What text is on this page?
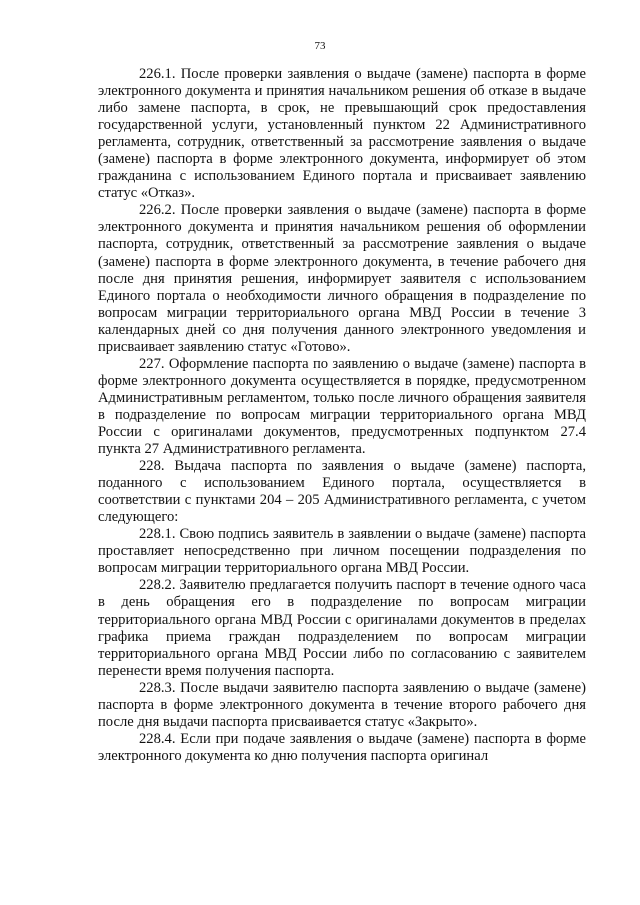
73

226.1. После проверки заявления о выдаче (замене) паспорта в форме электронного документа и принятия начальником решения об отказе в выдаче либо замене паспорта, в срок, не превышающий срок предоставления государственной услуги, установленный пунктом 22 Административного регламента, сотрудник, ответственный за рассмотрение заявления о выдаче (замене) паспорта в форме электронного документа, информирует об этом гражданина с использованием Единого портала и присваивает заявлению статус «Отказ».

226.2. После проверки заявления о выдаче (замене) паспорта в форме электронного документа и принятия начальником решения об оформлении паспорта, сотрудник, ответственный за рассмотрение заявления о выдаче (замене) паспорта в форме электронного документа, в течение рабочего дня после дня принятия решения, информирует заявителя с использованием Единого портала о необходимости личного обращения в подразделение по вопросам миграции территориального органа МВД России в течение 3 календарных дней со дня получения данного электронного уведомления и присваивает заявлению статус «Готово».

227. Оформление паспорта по заявлению о выдаче (замене) паспорта в форме электронного документа осуществляется в порядке, предусмотренном Административным регламентом, только после личного обращения заявителя в подразделение по вопросам миграции территориального органа МВД России с оригиналами документов, предусмотренных подпунктом 27.4 пункта 27 Административного регламента.

228. Выдача паспорта по заявления о выдаче (замене) паспорта, поданного с использованием Единого портала, осуществляется в соответствии с пунктами 204 – 205 Административного регламента, с учетом следующего:

228.1. Свою подпись заявитель в заявлении о выдаче (замене) паспорта проставляет непосредственно при личном посещении подразделения по вопросам миграции территориального органа МВД России.

228.2. Заявителю предлагается получить паспорт в течение одного часа в день обращения его в подразделение по вопросам миграции территориального органа МВД России с оригиналами документов в пределах графика приема граждан подразделением по вопросам миграции территориального органа МВД России либо по согласованию с заявителем перенести время получения паспорта.

228.3. После выдачи заявителю паспорта заявлению о выдаче (замене) паспорта в форме электронного документа в течение второго рабочего дня после дня выдачи паспорта присваивается статус «Закрыто».

228.4. Если при подаче заявления о выдаче (замене) паспорта в форме электронного документа ко дню получения паспорта оригинал
